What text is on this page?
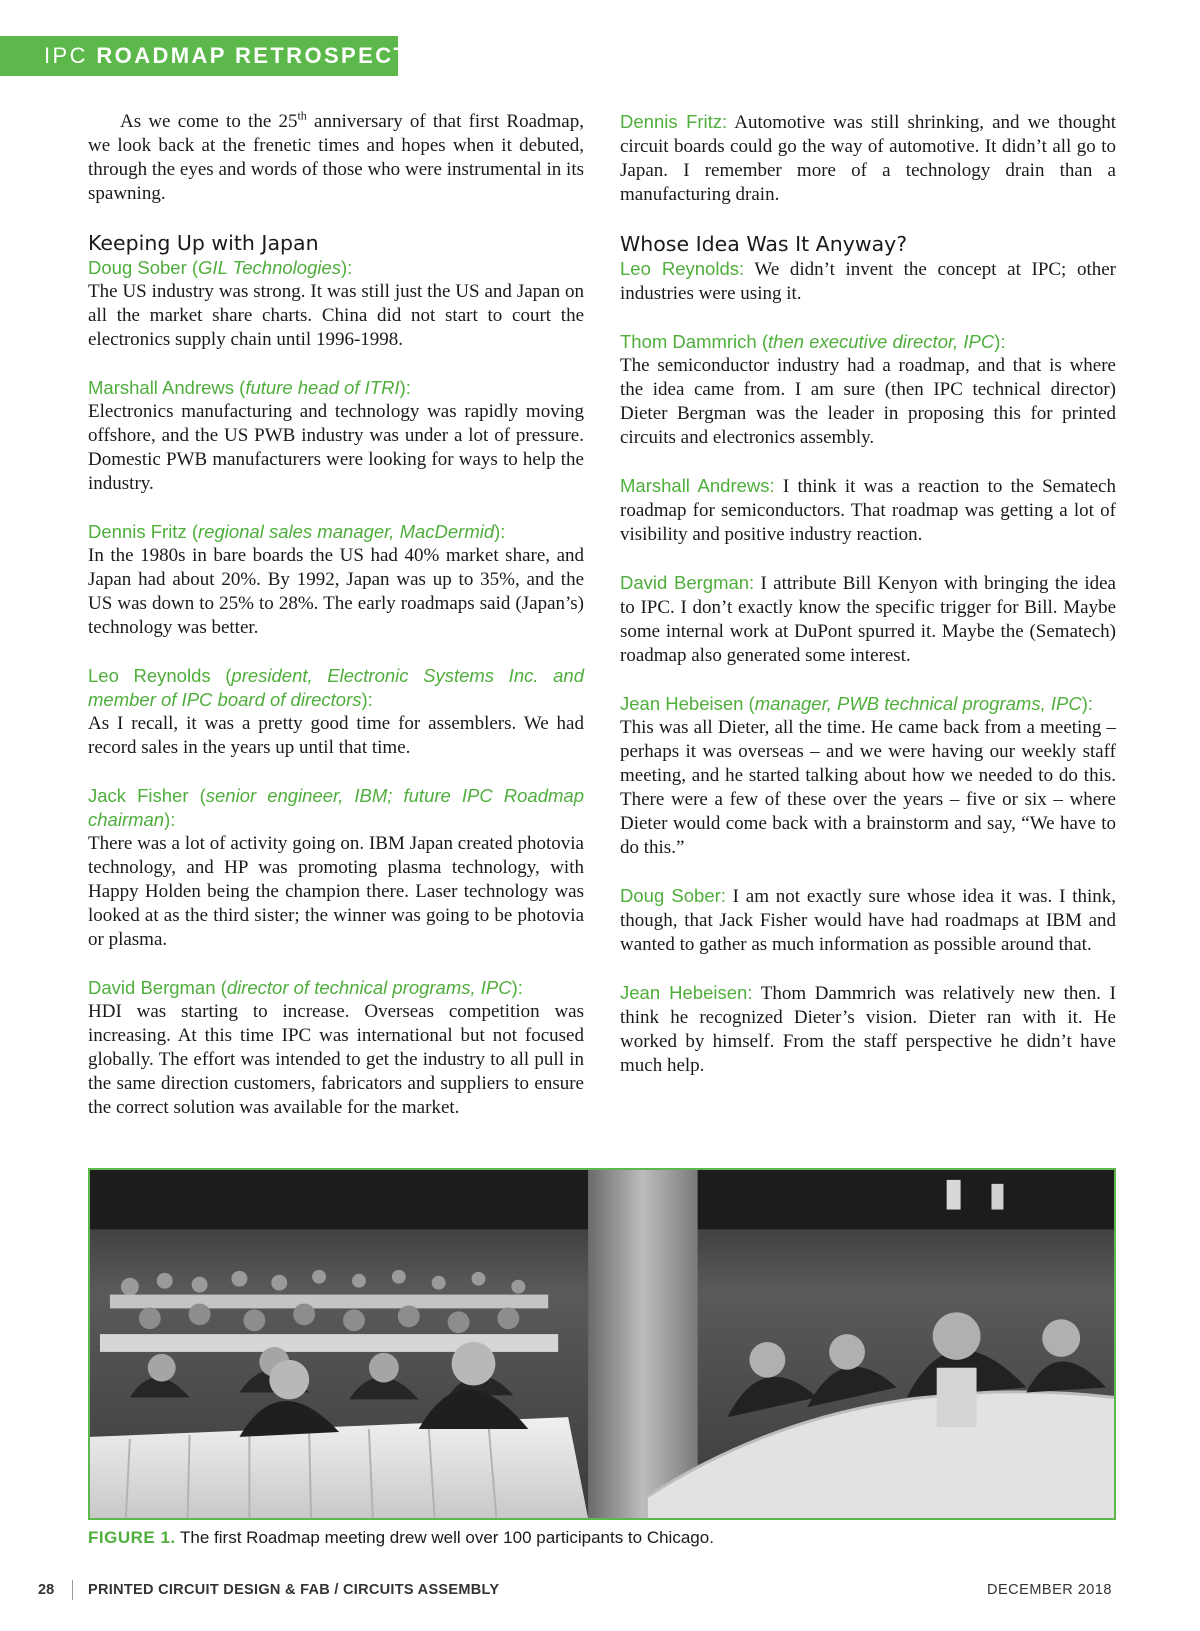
IPC ROADMAP RETROSPECTIVE

As we come to the 25th anniversary of that first Roadmap, we look back at the frenetic times and hopes when it debuted, through the eyes and words of those who were instrumental in its spawning.

Keeping Up with Japan
Doug Sober (GIL Technologies):

The US industry was strong. It was still just the US and Japan on all the market share charts. China did not start to court the electronics supply chain until 1996-1998.

Marshall Andrews (future head of ITRI):

Electronics manufacturing and technology was rapidly moving offshore, and the US PWB industry was under a lot of pressure. Domestic PWB manufacturers were looking for ways to help the industry.

Dennis Fritz (regional sales manager, MacDermid):

In the 1980s in bare boards the US had 40% market share, and Japan had about 20%. By 1992, Japan was up to 35%, and the US was down to 25% to 28%. The early roadmaps said (Japan’s) technology was better.

Leo Reynolds (president, Electronic Systems Inc. and member of IPC board of directors):

As I recall, it was a pretty good time for assemblers. We had record sales in the years up until that time.

Jack Fisher (senior engineer, IBM; future IPC Roadmap chairman):

There was a lot of activity going on. IBM Japan created photovia technology, and HP was promoting plasma technology, with Happy Holden being the champion there. Laser technology was looked at as the third sister; the winner was going to be photovia or plasma.

David Bergman (director of technical programs, IPC):

HDI was starting to increase. Overseas competition was increasing. At this time IPC was international but not focused globally. The effort was intended to get the industry to all pull in the same direction customers, fabricators and suppliers to ensure the correct solution was available for the market.

Dennis Fritz: Automotive was still shrinking, and we thought circuit boards could go the way of automotive. It didn’t all go to Japan. I remember more of a technology drain than a manufacturing drain.

Whose Idea Was It Anyway?

Leo Reynolds: We didn’t invent the concept at IPC; other industries were using it.

Thom Dammrich (then executive director, IPC):

The semiconductor industry had a roadmap, and that is where the idea came from. I am sure (then IPC technical director) Dieter Bergman was the leader in proposing this for printed circuits and electronics assembly.

Marshall Andrews: I think it was a reaction to the Sematech roadmap for semiconductors. That roadmap was getting a lot of visibility and positive industry reaction.

David Bergman: I attribute Bill Kenyon with bringing the idea to IPC. I don’t exactly know the specific trigger for Bill. Maybe some internal work at DuPont spurred it. Maybe the (Sematech) roadmap also generated some interest.

Jean Hebeisen (manager, PWB technical programs, IPC):

This was all Dieter, all the time. He came back from a meeting – perhaps it was overseas – and we were having our weekly staff meeting, and he started talking about how we needed to do this. There were a few of these over the years – five or six – where Dieter would come back with a brainstorm and say, “We have to do this.”

Doug Sober: I am not exactly sure whose idea it was. I think, though, that Jack Fisher would have had roadmaps at IBM and wanted to gather as much information as possible around that.

Jean Hebeisen: Thom Dammrich was relatively new then. I think he recognized Dieter’s vision. Dieter ran with it. He worked by himself. From the staff perspective he didn’t have much help.

FIGURE 1. The first Roadmap meeting drew well over 100 participants to Chicago.
28 PRINTED CIRCUIT DESIGN & FAB / CIRCUITS ASSEMBLY	DECEMBER 2018
